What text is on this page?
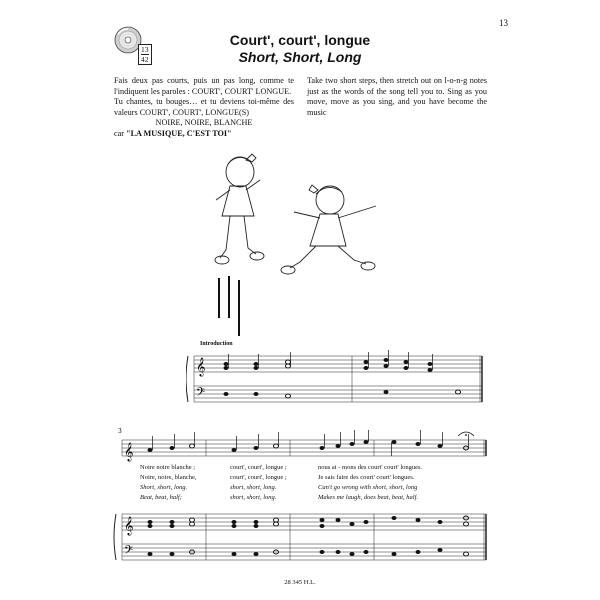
13
13
42
Court', court', longue
Short, Short, Long

Fais deux pas courts, puis un pas long, comme te l'indiquent les paroles : COURT', COURT' LONGUE.

Tu chantes, tu bouges… et tu deviens toi-même des valeurs COURT', COURT', LONGUE(S)

NOIRE, NOIRE, BLANCHE

car "LA MUSIQUE, C'EST TOI"

Take two short steps, then stretch out on l-o-n-g notes just as the words of the song tell you to. Sing as you move, move as you sing, and you have become the music
Introduction
𝄞
𝄢
3
𝄞
𝄞
𝄢
Noire noire blanche ;	court', court', longue ;	nous ai - mons des court' court' longues.
Noire, noire, blanche,	court', court', longue ;	Je sais faire des court' court' longues.
Short, short, long.	short, short, long.	Can't go wrong with short, short, long
Beat, beat, half;	short, short, long.	Makes me laugh, does beat, beat, half.
28 345 H.L.
